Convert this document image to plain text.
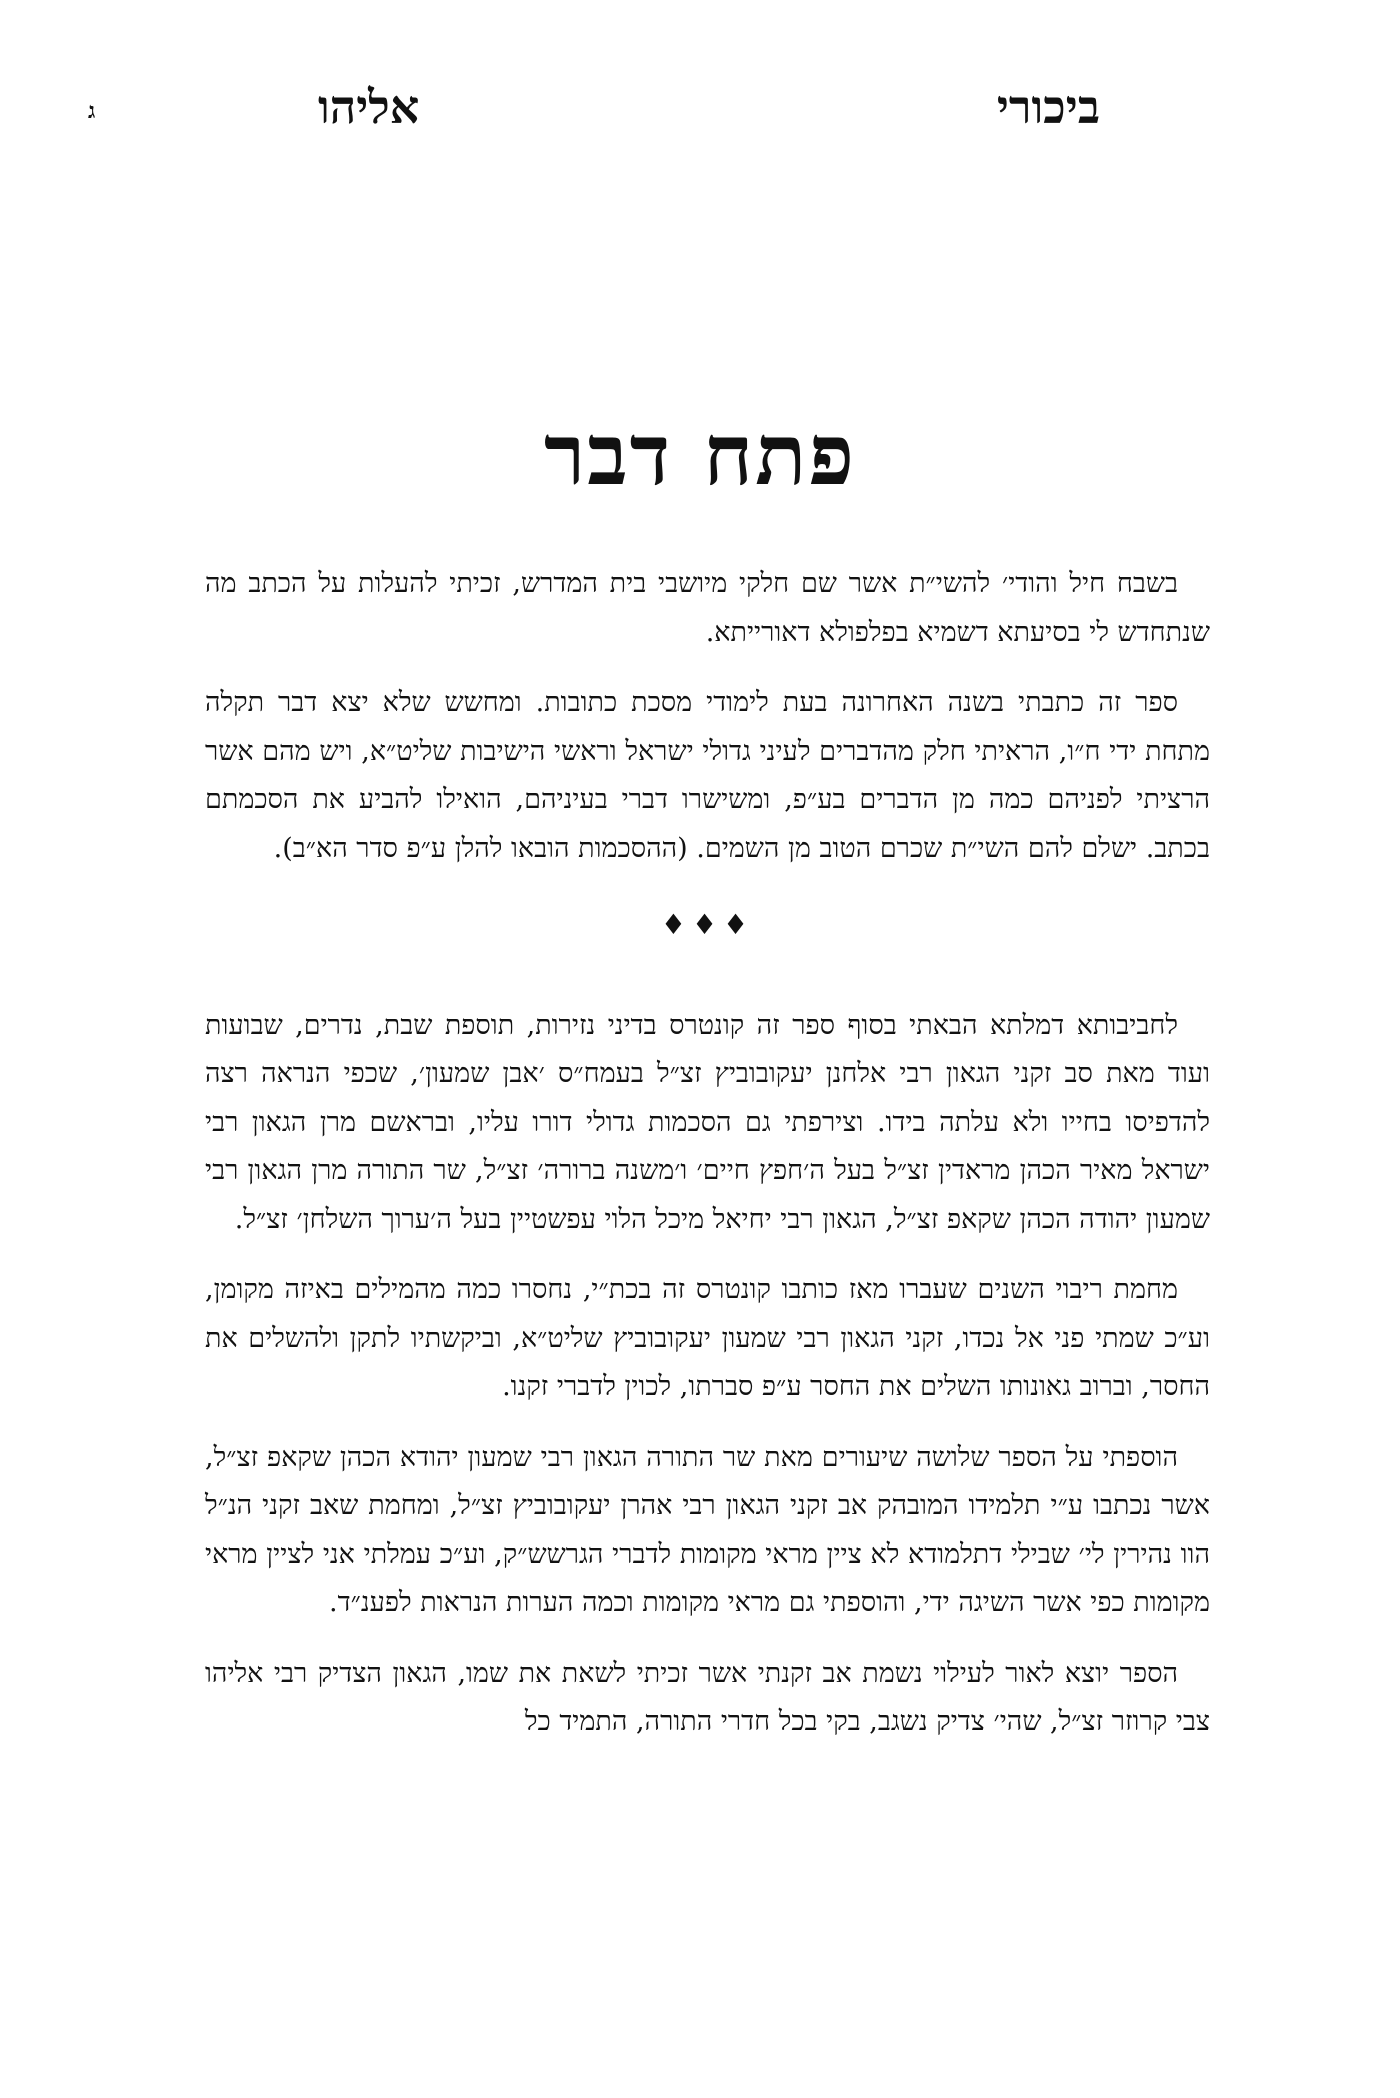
ביכורי
אליהו
ג
פתח דבר

בשבח חיל והודי׳ להשי״ת אשר שם חלקי מיושבי בית המדרש, זכיתי להעלות על הכתב מה שנתחדש לי בסיעתא דשמיא בפלפולא דאורייתא.

ספר זה כתבתי בשנה האחרונה בעת לימודי מסכת כתובות. ומחשש שלא יצא דבר תקלה מתחת ידי ח״ו, הראיתי חלק מהדברים לעיני גדולי ישראל וראשי הישיבות שליט״א, ויש מהם אשר הרציתי לפניהם כמה מן הדברים בע״פ, ומשישרו דברי בעיניהם, הואילו להביע את הסכמתם בכתב. ישלם להם השי״ת שכרם הטוב מן השמים. (ההסכמות הובאו להלן ע״פ סדר הא״ב).

♦♦♦

לחביבותא דמלתא הבאתי בסוף ספר זה קונטרס בדיני נזירות, תוספת שבת, נדרים, שבועות ועוד מאת סב זקני הגאון רבי אלחנן יעקובוביץ זצ״ל בעמח״ס ׳אבן שמעון׳, שכפי הנראה רצה להדפיסו בחייו ולא עלתה בידו. וצירפתי גם הסכמות גדולי דורו עליו, ובראשם מרן הגאון רבי ישראל מאיר הכהן מראדין זצ״ל בעל ה׳חפץ חיים׳ ו׳משנה ברורה׳ זצ״ל, שר התורה מרן הגאון רבי שמעון יהודה הכהן שקאפ זצ״ל, הגאון רבי יחיאל מיכל הלוי עפשטיין בעל ה׳ערוך השלחן׳ זצ״ל.

מחמת ריבוי השנים שעברו מאז כותבו קונטרס זה בכת״י, נחסרו כמה מהמילים באיזה מקומן, וע״כ שמתי פני אל נכדו, זקני הגאון רבי שמעון יעקובוביץ שליט״א, וביקשתיו לתקן ולהשלים את החסר, וברוב גאונותו השלים את החסר ע״פ סברתו, לכוין לדברי זקנו.

הוספתי על הספר שלושה שיעורים מאת שר התורה הגאון רבי שמעון יהודא הכהן שקאפ זצ״ל, אשר נכתבו ע״י תלמידו המובהק אב זקני הגאון רבי אהרן יעקובוביץ זצ״ל, ומחמת שאב זקני הנ״ל הוו נהירין לי׳ שבילי דתלמודא לא ציין מראי מקומות לדברי הגרשש״ק, וע״כ עמלתי אני לציין מראי מקומות כפי אשר השיגה ידי, והוספתי גם מראי מקומות וכמה הערות הנראות לפענ״ד.

הספר יוצא לאור לעילוי נשמת אב זקנתי אשר זכיתי לשאת את שמו, הגאון הצדיק רבי אליהו צבי קרוזר זצ״ל, שהי׳ צדיק נשגב, בקי בכל חדרי התורה, התמיד כל
